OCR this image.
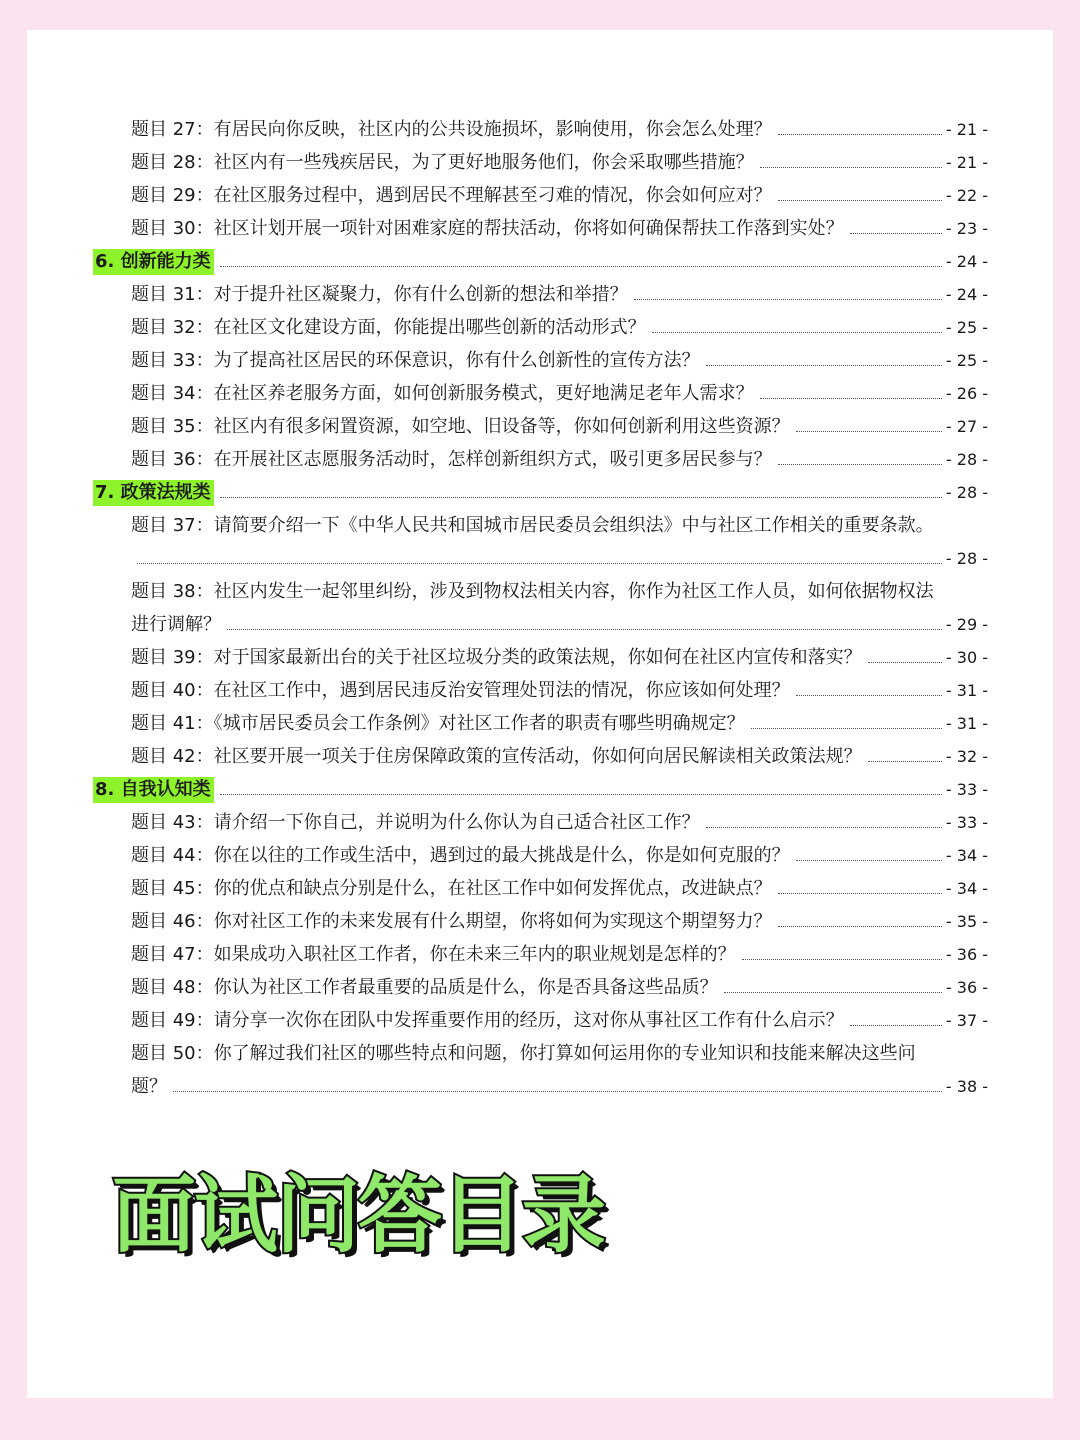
题目 27：有居民向你反映，社区内的公共设施损坏，影响使用，你会怎么处理？	- 21 -
题目 28：社区内有一些残疾居民，为了更好地服务他们，你会采取哪些措施？	- 21 -
题目 29：在社区服务过程中，遇到居民不理解甚至刁难的情况，你会如何应对？	- 22 -
题目 30：社区计划开展一项针对困难家庭的帮扶活动，你将如何确保帮扶工作落到实处？	- 23 -
6. 创新能力类	- 24 -
题目 31：对于提升社区凝聚力，你有什么创新的想法和举措？	- 24 -
题目 32：在社区文化建设方面，你能提出哪些创新的活动形式？	- 25 -
题目 33：为了提高社区居民的环保意识，你有什么创新性的宣传方法？	- 25 -
题目 34：在社区养老服务方面，如何创新服务模式，更好地满足老年人需求？	- 26 -
题目 35：社区内有很多闲置资源，如空地、旧设备等，你如何创新利用这些资源？	- 27 -
题目 36：在开展社区志愿服务活动时，怎样创新组织方式，吸引更多居民参与？	- 28 -
7. 政策法规类	- 28 -
题目 37：请简要介绍一下《中华人民共和国城市居民委员会组织法》中与社区工作相关的重要条款。
- 28 -
题目 38：社区内发生一起邻里纠纷，涉及到物权法相关内容，你作为社区工作人员，如何依据物权法
进行调解？	- 29 -
题目 39：对于国家最新出台的关于社区垃圾分类的政策法规，你如何在社区内宣传和落实？	- 30 -
题目 40：在社区工作中，遇到居民违反治安管理处罚法的情况，你应该如何处理？	- 31 -
题目 41：《城市居民委员会工作条例》对社区工作者的职责有哪些明确规定？	- 31 -
题目 42：社区要开展一项关于住房保障政策的宣传活动，你如何向居民解读相关政策法规？	- 32 -
8. 自我认知类	- 33 -
题目 43：请介绍一下你自己，并说明为什么你认为自己适合社区工作？	- 33 -
题目 44：你在以往的工作或生活中，遇到过的最大挑战是什么，你是如何克服的？	- 34 -
题目 45：你的优点和缺点分别是什么，在社区工作中如何发挥优点，改进缺点？	- 34 -
题目 46：你对社区工作的未来发展有什么期望，你将如何为实现这个期望努力？	- 35 -
题目 47：如果成功入职社区工作者，你在未来三年内的职业规划是怎样的？	- 36 -
题目 48：你认为社区工作者最重要的品质是什么，你是否具备这些品质？	- 36 -
题目 49：请分享一次你在团队中发挥重要作用的经历，这对你从事社区工作有什么启示？	- 37 -
题目 50：你了解过我们社区的哪些特点和问题，你打算如何运用你的专业知识和技能来解决这些问
题？	- 38 -
面试问答目录
